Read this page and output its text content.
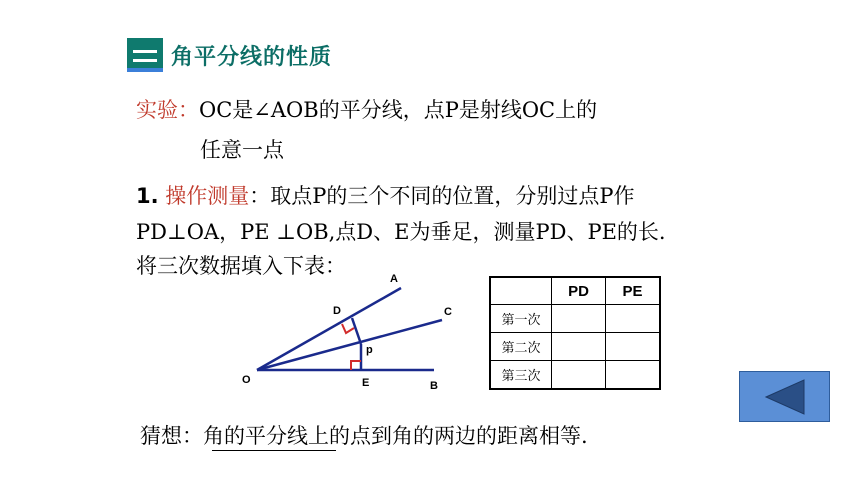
角平分线的性质
实验：OC是∠AOB的平分线，点P是射线OC上的
任意一点
1. 操作测量：取点P的三个不同的位置，分别过点P作
PD⊥OA，PE ⊥OB,点D、E为垂足，测量PD、PE的长.
将三次数据填入下表：
A
C
D
p
O	E	B
	PD	PE
第一次		
第二次		
第三次		
猜想：角的平分线上的点到角的两边的距离相等.
